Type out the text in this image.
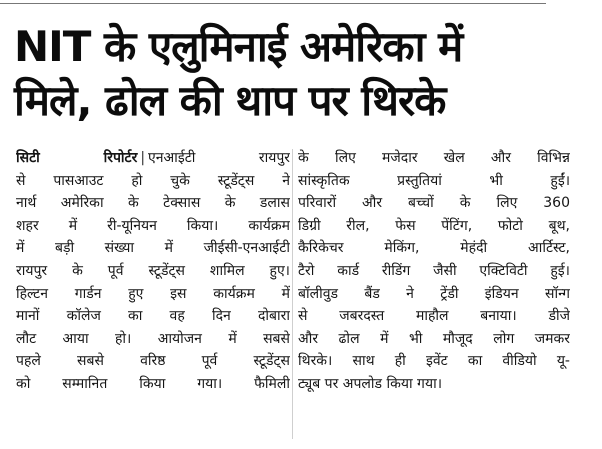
NIT के एलुमिनाई अमेरिका में
मिले, ढोल की थाप पर थिरके
सिटी रिपोर्टर | एनआईटी रायपुर
से पासआउट हो चुके स्टूडेंट्स ने
नार्थ अमेरिका के टेक्सास के डलास
शहर में री-यूनियन किया। कार्यक्रम
में बड़ी संख्या में जीईसी-एनआईटी
रायपुर के पूर्व स्टूडेंट्स शामिल हुए।
हिल्टन गार्डन हुए इस कार्यक्रम में
मानों कॉलेज का वह दिन दोबारा
लौट आया हो। आयोजन में सबसे
पहले सबसे वरिष्ठ पूर्व स्टूडेंट्स
को सम्मानित किया गया। फैमिली
के लिए मजेदार खेल और विभिन्न
सांस्कृतिक प्रस्तुतियां भी हुईं।
परिवारों और बच्चों के लिए 360
डिग्री रील, फेस पेंटिंग, फोटो बूथ,
कैरिकेचर मेकिंग, मेहंदी आर्टिस्ट,
टैरो कार्ड रीडिंग जैसी एक्टिविटी हुई।
बॉलीवुड बैंड ने ट्रेंडी इंडियन सॉन्ग
से जबरदस्त माहौल बनाया। डीजे
और ढोल में भी मौजूद लोग जमकर
थिरके। साथ ही इवेंट का वीडियो यू-
ट्यूब पर अपलोड किया गया।
